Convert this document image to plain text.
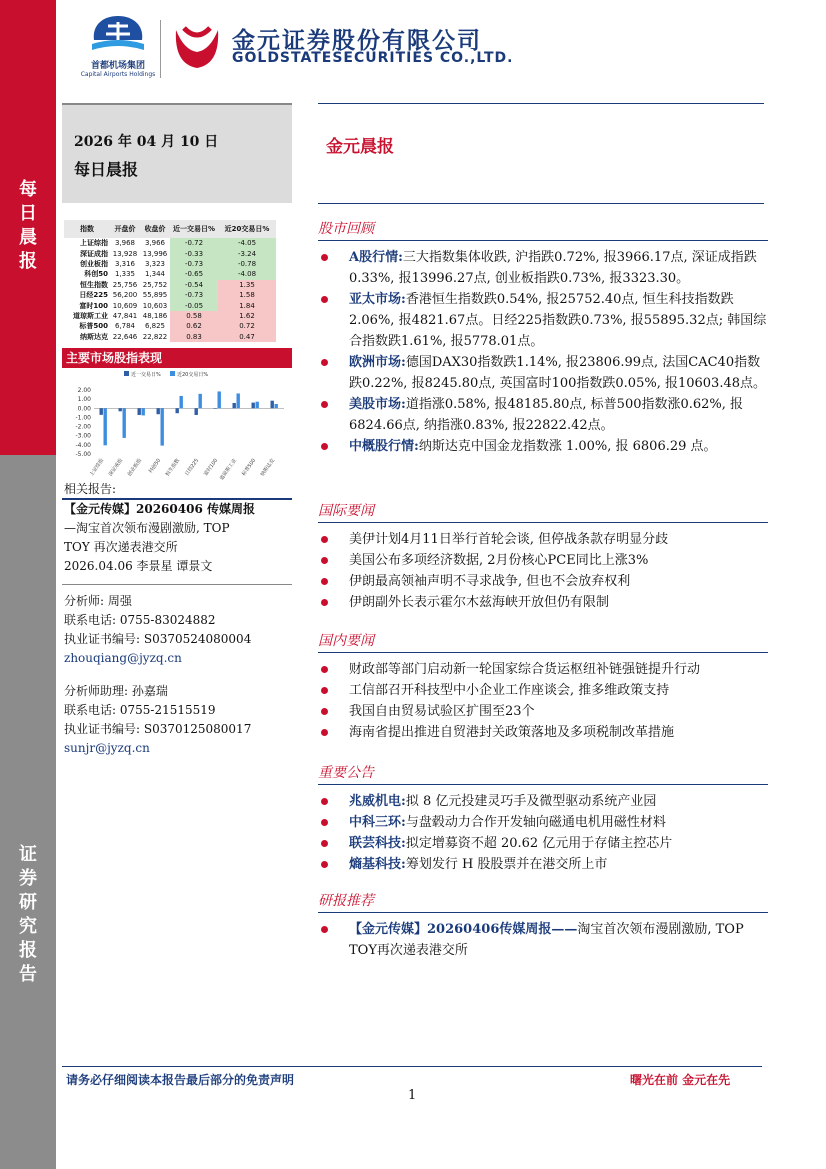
每
日
晨
报
证
券
研
究
报
告
首都机场集团
Capital Airports Holdings
金元证券股份有限公司
GOLDSTATESECURITIES CO.,LTD.
2026 年 04 月 10 日
每日晨报
金元晨报
指数	开盘价	收盘价	近一交易日%	近20交易日%
上证综指	3,968	3,966	-0.72	-4.05
深证成指	13,928	13,996	-0.33	-3.24
创业板指	3,316	3,323	-0.73	-0.78
科创50	1,335	1,344	-0.65	-4.08
恒生指数	25,756	25,752	-0.54	1.35
日经225	56,200	55,895	-0.73	1.58
富时100	10,609	10,603	-0.05	1.84
道琼斯工业	47,841	48,186	0.58	1.62
标普500	6,784	6,825	0.62	0.72
纳斯达克	22,646	22,822	0.83	0.47
主要市场股指表现
近一交易日%	近20交易日%
2.00
1.00
0.00
-1.00
-2.00
-3.00
-4.00
-5.00
上证综指 深证成指 创业板指 科创50 恒生指数 日经225 富时100 道琼斯工业 标普500 纳斯达克
相关报告:
【金元传媒】20260406 传媒周报
—淘宝首次领布漫剧激励, TOP
TOY 再次递表港交所
2026.04.06 李景星 谭景文
分析师: 周强
联系电话: 0755-83024882
执业证书编号: S0370524080004
zhouqiang@jyzq.cn
分析师助理: 孙嘉瑞
联系电话: 0755-21515519
执业证书编号: S0370125080017
sunjr@jyzq.cn
股市回顾
A股行情:三大指数集体收跌, 沪指跌0.72%, 报3966.17点, 深证成指跌0.33%, 报13996.27点, 创业板指跌0.73%, 报3323.30。
亚太市场:香港恒生指数跌0.54%, 报25752.40点, 恒生科技指数跌2.06%, 报4821.67点。日经225指数跌0.73%, 报55895.32点; 韩国综合指数跌1.61%, 报5778.01点。
欧洲市场:德国DAX30指数跌1.14%, 报23806.99点, 法国CAC40指数跌0.22%, 报8245.80点, 英国富时100指数跌0.05%, 报10603.48点。
美股市场:道指涨0.58%, 报48185.80点, 标普500指数涨0.62%, 报6824.66点, 纳指涨0.83%, 报22822.42点。
中概股行情:纳斯达克中国金龙指数涨 1.00%, 报 6806.29 点。
国际要闻
美伊计划4月11日举行首轮会谈, 但停战条款存明显分歧
美国公布多项经济数据, 2月份核心PCE同比上涨3%
伊朗最高领袖声明不寻求战争, 但也不会放弃权利
伊朗副外长表示霍尔木兹海峡开放但仍有限制
国内要闻
财政部等部门启动新一轮国家综合货运枢纽补链强链提升行动
工信部召开科技型中小企业工作座谈会, 推多维政策支持
我国自由贸易试验区扩围至23个
海南省提出推进自贸港封关政策落地及多项税制改革措施
重要公告
兆威机电:拟 8 亿元投建灵巧手及微型驱动系统产业园
中科三环:与盘毂动力合作开发轴向磁通电机用磁性材料
联芸科技:拟定增募资不超 20.62 亿元用于存储主控芯片
熵基科技:筹划发行 H 股股票并在港交所上市
研报推荐
【金元传媒】20260406传媒周报——淘宝首次领布漫剧激励, TOP TOY再次递表港交所
请务必仔细阅读本报告最后部分的免责声明	曙光在前 金元在先
1
